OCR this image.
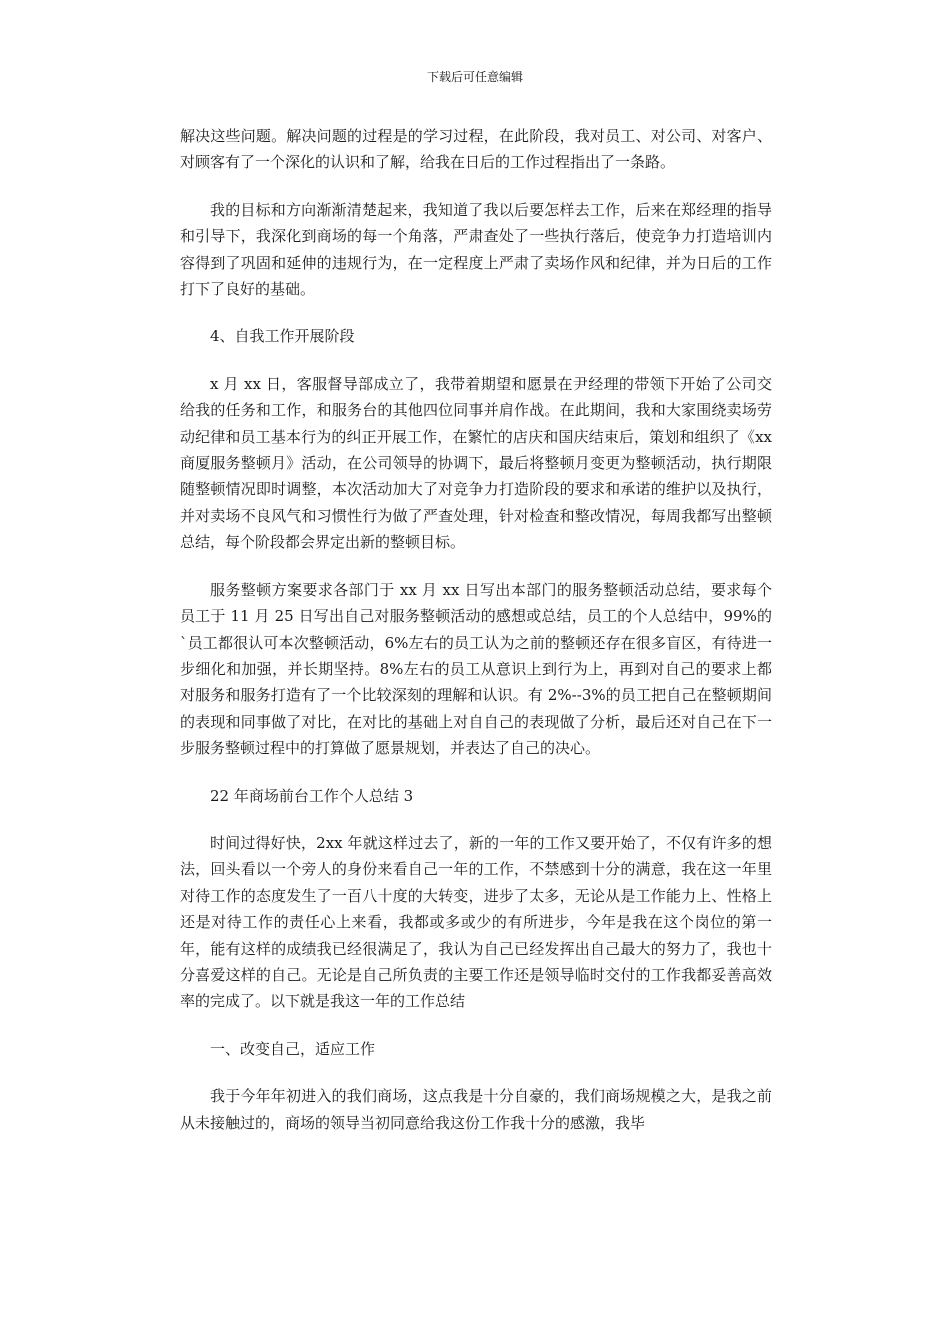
下载后可任意编辑

解决这些问题。解决问题的过程是的学习过程，在此阶段，我对员工、对公司、对客户、对顾客有了一个深化的认识和了解，给我在日后的工作过程指出了一条路。

我的目标和方向渐渐清楚起来，我知道了我以后要怎样去工作，后来在郑经理的指导和引导下，我深化到商场的每一个角落，严肃查处了一些执行落后，使竞争力打造培训内容得到了巩固和延伸的违规行为，在一定程度上严肃了卖场作风和纪律，并为日后的工作打下了良好的基础。

4、自我工作开展阶段

x 月 xx 日，客服督导部成立了，我带着期望和愿景在尹经理的带领下开始了公司交给我的任务和工作，和服务台的其他四位同事并肩作战。在此期间，我和大家围绕卖场劳动纪律和员工基本行为的纠正开展工作，在繁忙的店庆和国庆结束后，策划和组织了《xx 商厦服务整顿月》活动，在公司领导的协调下，最后将整顿月变更为整顿活动，执行期限随整顿情况即时调整，本次活动加大了对竞争力打造阶段的要求和承诺的维护以及执行，并对卖场不良风气和习惯性行为做了严查处理，针对检查和整改情况，每周我都写出整顿总结，每个阶段都会界定出新的整顿目标。

服务整顿方案要求各部门于 xx 月 xx 日写出本部门的服务整顿活动总结，要求每个员工于 11 月 25 日写出自己对服务整顿活动的感想或总结，员工的个人总结中，99%的`员工都很认可本次整顿活动，6%左右的员工认为之前的整顿还存在很多盲区，有待进一步细化和加强，并长期坚持。8%左右的员工从意识上到行为上，再到对自己的要求上都对服务和服务打造有了一个比较深刻的理解和认识。有 2%--3%的员工把自己在整顿期间的表现和同事做了对比，在对比的基础上对自自己的表现做了分析，最后还对自己在下一步服务整顿过程中的打算做了愿景规划，并表达了自己的决心。

22 年商场前台工作个人总结 3

时间过得好快，2xx 年就这样过去了，新的一年的工作又要开始了，不仅有许多的想法，回头看以一个旁人的身份来看自己一年的工作，不禁感到十分的满意，我在这一年里对待工作的态度发生了一百八十度的大转变，进步了太多，无论从是工作能力上、性格上还是对待工作的责任心上来看，我都或多或少的有所进步，今年是我在这个岗位的第一年，能有这样的成绩我已经很满足了，我认为自己已经发挥出自己最大的努力了，我也十分喜爱这样的自己。无论是自己所负责的主要工作还是领导临时交付的工作我都妥善高效率的完成了。以下就是我这一年的工作总结

一、改变自己，适应工作

我于今年年初进入的我们商场，这点我是十分自豪的，我们商场规模之大，是我之前从未接触过的，商场的领导当初同意给我这份工作我十分的感激，我毕
